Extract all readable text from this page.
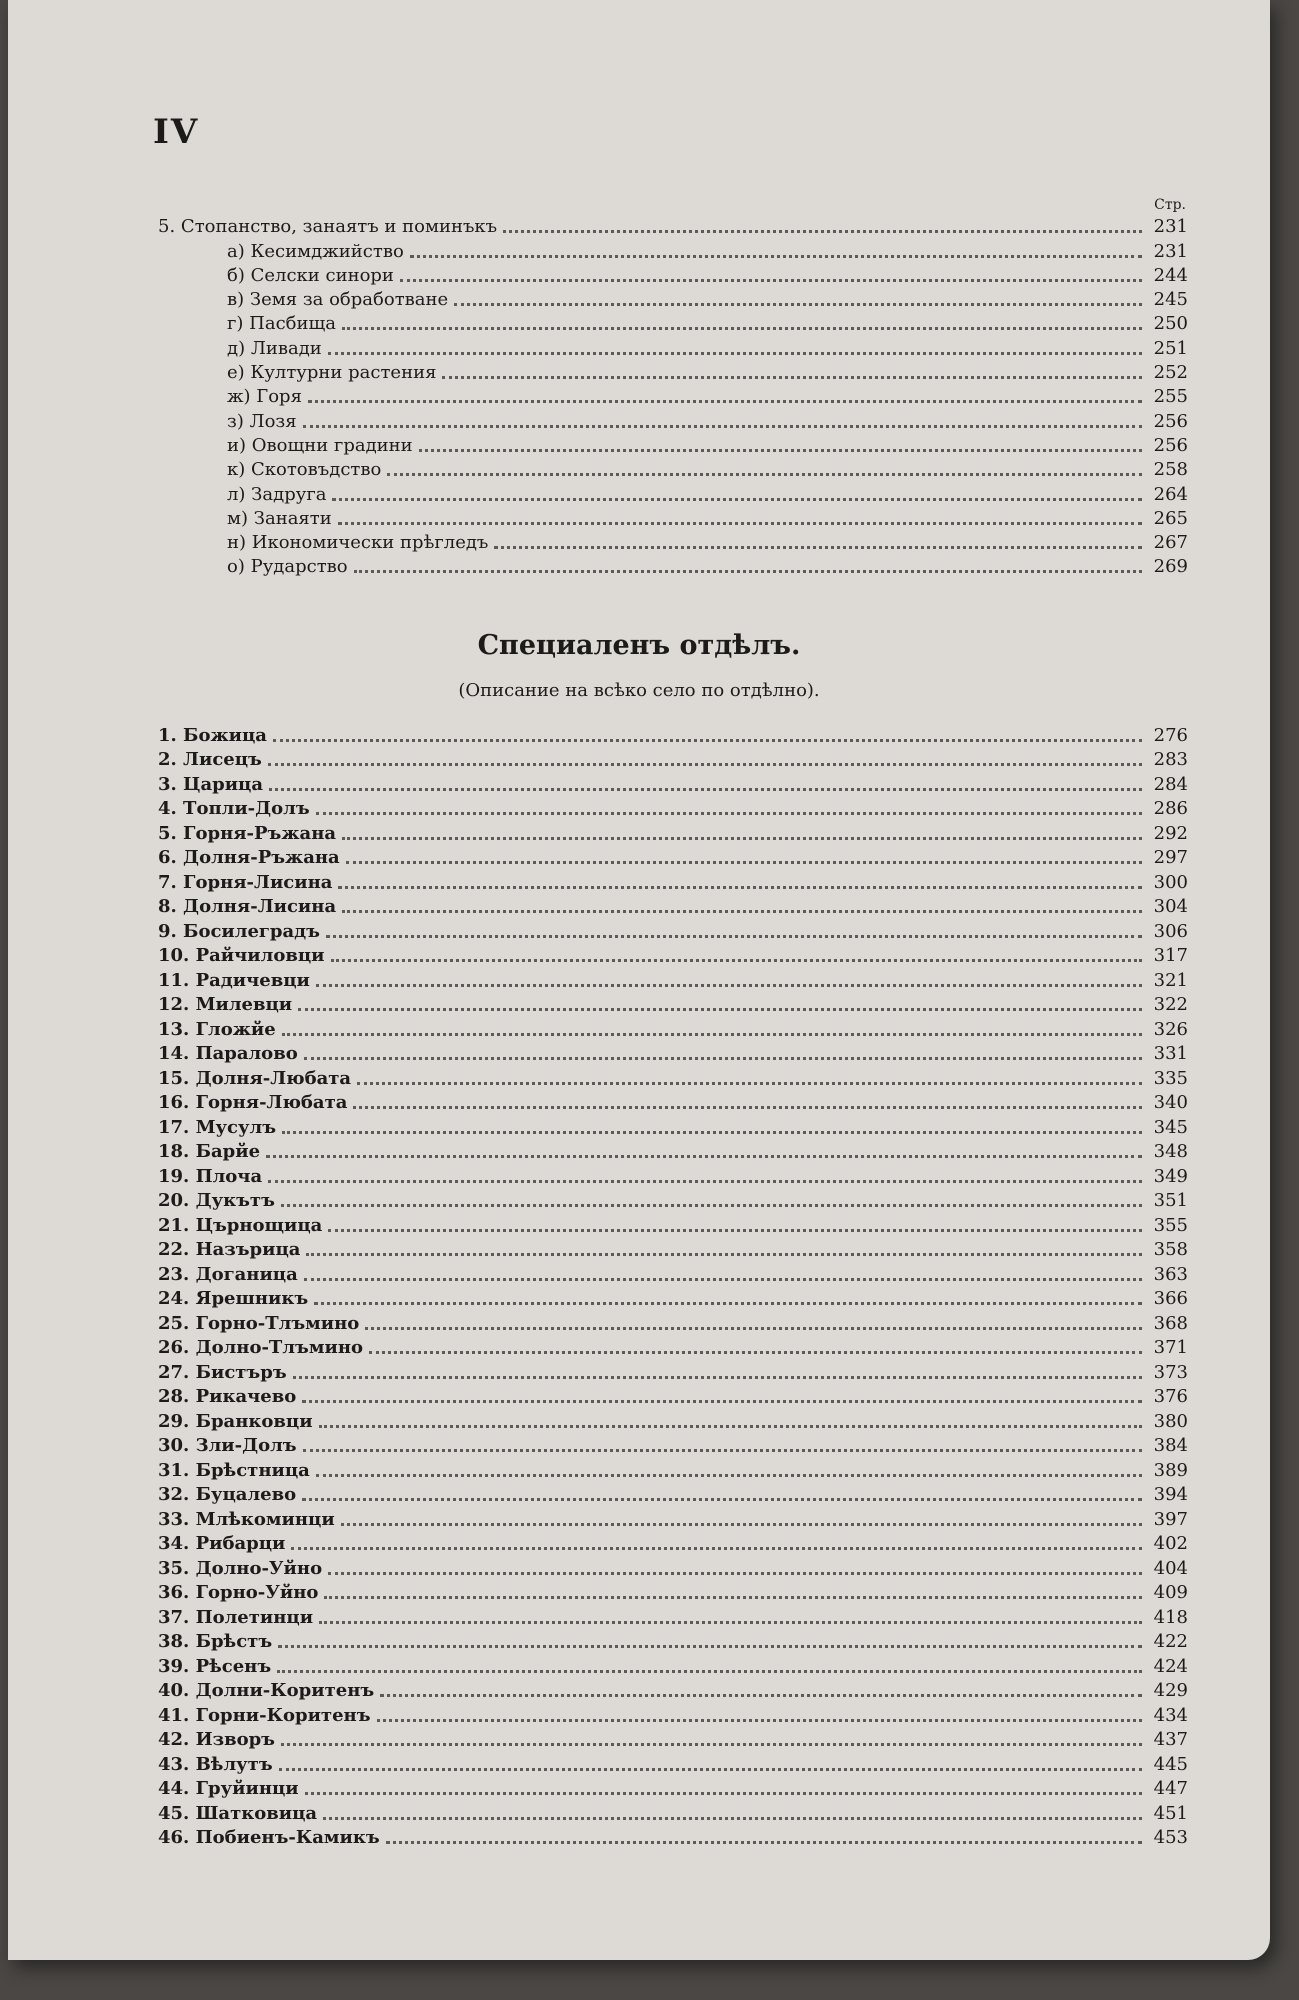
IV
Стр.
5. Стопанство, занаятъ и поминъкъ	231
а) Кесимджийство	231
б) Селски синори	244
в) Земя за обработване	245
г) Пасбища	250
д) Ливади	251
е) Културни растения	252
ж) Горя	255
з) Лозя	256
и) Овощни градини	256
к) Скотовъдство	258
л) Задруга	264
м) Занаяти	265
н) Икономически прѣгледъ	267
о) Рударство	269
Специаленъ отдѣлъ.
(Описание на всѣко село по отдѣлно).
1. Божица	276
2. Лисецъ	283
3. Царица	284
4. Топли-Долъ	286
5. Горня-Ръжана	292
6. Долня-Ръжана	297
7. Горня-Лисина	300
8. Долня-Лисина	304
9. Босилеградъ	306
10. Райчиловци	317
11. Радичевци	321
12. Милевци	322
13. Гложйе	326
14. Паралово	331
15. Долня-Любата	335
16. Горня-Любата	340
17. Мусулъ	345
18. Барйе	348
19. Плоча	349
20. Дукътъ	351
21. Църнощица	355
22. Назърица	358
23. Доганица	363
24. Ярешникъ	366
25. Горно-Тлъмино	368
26. Долно-Тлъмино	371
27. Бистъръ	373
28. Рикачево	376
29. Бранковци	380
30. Зли-Долъ	384
31. Брѣстница	389
32. Буцалево	394
33. Млѣкоминци	397
34. Рибарци	402
35. Долно-Уйно	404
36. Горно-Уйно	409
37. Полетинци	418
38. Брѣстъ	422
39. Рѣсенъ	424
40. Долни-Коритенъ	429
41. Горни-Коритенъ	434
42. Изворъ	437
43. Вѣлутъ	445
44. Груйинци	447
45. Шатковица	451
46. Побиенъ-Камикъ	453
